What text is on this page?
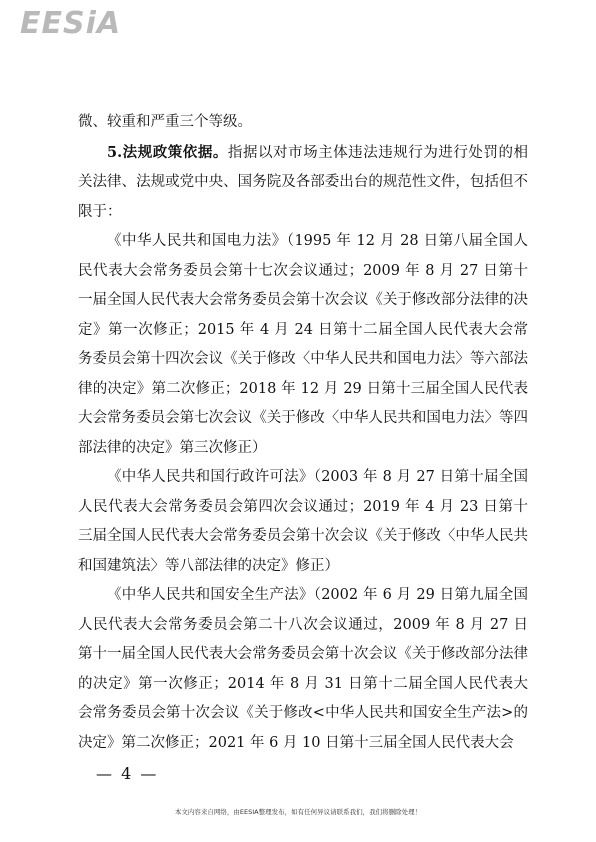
EESiA

微、较重和严重三个等级。

5.法规政策依据。指据以对市场主体违法违规行为进行处罚的相关法律、法规或党中央、国务院及各部委出台的规范性文件，包括但不限于：

《中华人民共和国电力法》（1995 年 12 月 28 日第八届全国人民代表大会常务委员会第十七次会议通过；2009 年 8 月 27 日第十一届全国人民代表大会常务委员会第十次会议《关于修改部分法律的决定》第一次修正；2015 年 4 月 24 日第十二届全国人民代表大会常务委员会第十四次会议《关于修改〈中华人民共和国电力法〉等六部法律的决定》第二次修正；2018 年 12 月 29 日第十三届全国人民代表大会常务委员会第七次会议《关于修改〈中华人民共和国电力法〉等四部法律的决定》第三次修正）

《中华人民共和国行政许可法》（2003 年 8 月 27 日第十届全国人民代表大会常务委员会第四次会议通过；2019 年 4 月 23 日第十三届全国人民代表大会常务委员会第十次会议《关于修改〈中华人民共和国建筑法〉等八部法律的决定》修正）

《中华人民共和国安全生产法》（2002 年 6 月 29 日第九届全国人民代表大会常务委员会第二十八次会议通过，2009 年 8 月 27 日第十一届全国人民代表大会常务委员会第十次会议《关于修改部分法律的决定》第一次修正；2014 年 8 月 31 日第十二届全国人民代表大会常务委员会第十次会议《关于修改<中华人民共和国安全生产法>的决定》第二次修正；2021 年 6 月 10 日第十三届全国人民代表大会

— 4 —
本文内容来自网络，由EESIA整理发布，如有任何异议请联系我们，我们将删除处理！
